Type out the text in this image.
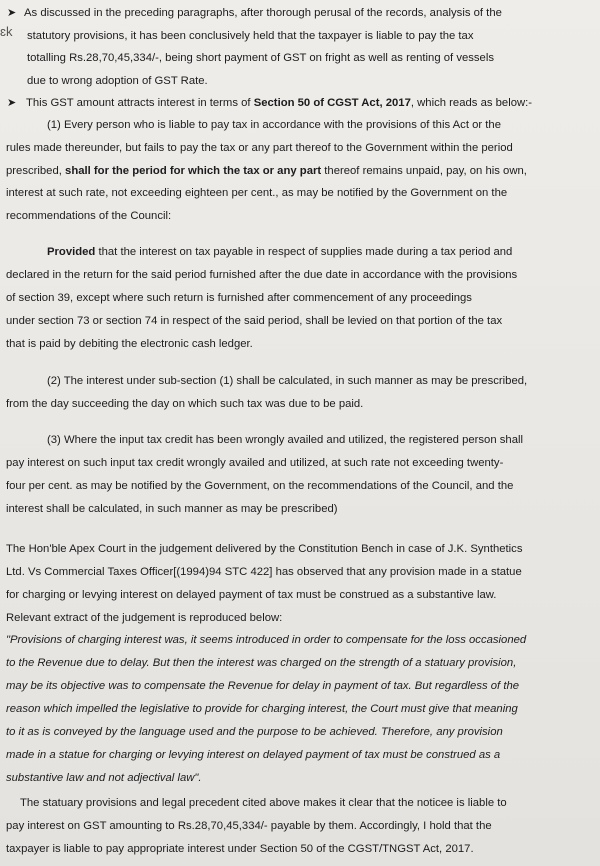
ɛk
➤ As discussed in the preceding paragraphs, after thorough perusal of the records, analysis of the
statutory provisions, it has been conclusively held that the taxpayer is liable to pay the tax
totalling Rs.28,70,45,334/-, being short payment of GST on fright as well as renting of vessels
due to wrong adoption of GST Rate.
➤ This GST amount attracts interest in terms of Section 50 of CGST Act, 2017, which reads as below:-
(1) Every person who is liable to pay tax in accordance with the provisions of this Act or the
rules made thereunder, but fails to pay the tax or any part thereof to the Government within the period
prescribed, shall for the period for which the tax or any part thereof remains unpaid, pay, on his own,
interest at such rate, not exceeding eighteen per cent., as may be notified by the Government on the
recommendations of the Council:
Provided that the interest on tax payable in respect of supplies made during a tax period and
declared in the return for the said period furnished after the due date in accordance with the provisions
of section 39, except where such return is furnished after commencement of any proceedings
under section 73 or section 74 in respect of the said period, shall be levied on that portion of the tax
that is paid by debiting the electronic cash ledger.
(2) The interest under sub-section (1) shall be calculated, in such manner as may be prescribed,
from the day succeeding the day on which such tax was due to be paid.
(3) Where the input tax credit has been wrongly availed and utilized, the registered person shall
pay interest on such input tax credit wrongly availed and utilized, at such rate not exceeding twenty-
four per cent. as may be notified by the Government, on the recommendations of the Council, and the
interest shall be calculated, in such manner as may be prescribed)
The Hon'ble Apex Court in the judgement delivered by the Constitution Bench in case of J.K. Synthetics
Ltd. Vs Commercial Taxes Officer[(1994)94 STC 422] has observed that any provision made in a statue
for charging or levying interest on delayed payment of tax must be construed as a substantive law.
Relevant extract of the judgement is reproduced below:
"Provisions of charging interest was, it seems introduced in order to compensate for the loss occasioned
to the Revenue due to delay. But then the interest was charged on the strength of a statuary provision,
may be its objective was to compensate the Revenue for delay in payment of tax. But regardless of the
reason which impelled the legislative to provide for charging interest, the Court must give that meaning
to it as is conveyed by the language used and the purpose to be achieved. Therefore, any provision
made in a statue for charging or levying interest on delayed payment of tax must be construed as a
substantive law and not adjectival law".
The statuary provisions and legal precedent cited above makes it clear that the noticee is liable to
pay interest on GST amounting to Rs.28,70,45,334/- payable by them. Accordingly, I hold that the
taxpayer is liable to pay appropriate interest under Section 50 of the CGST/TNGST Act, 2017.
